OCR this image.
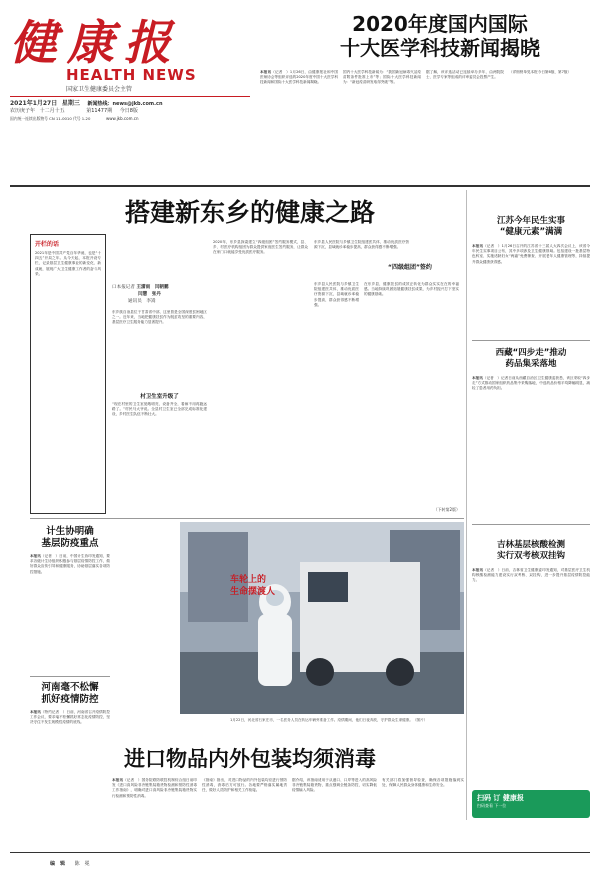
健康报
HEALTH NEWS
国家卫生健康委员会主管
2021年1月27日 星期三 新闻热线：news@jkb.com.cn
农历庚子年 十二月十五	第11477期 今日8版
国内统一连续出版物号 CN 11-0010 代号 1-20	www.jkb.com.cn
2020年度国内国际
十大医学科技新闻揭晓
本报讯（记者　）1月26日，由健康报社和中国医师协会等组织评选的2020年度中国十大医学科技新闻和国际十大医学科技新闻揭晓。
国内十大医学科技新闻为：“我国新冠病毒灭活疫苗附条件批准上市”等；国际十大医学科技新闻为：“新冠疫苗研发取得突破”等。
据了解，该评选活动已连续举办多年，由两院院士、医学专家等组成的评审委员会投票产生。
（详细榜单见本报今日第6版、第7版）
搭建新东乡的健康之路
开栏的话
2021年是中国共产党百年华诞，也是“十四五”开局之年。从今天起，本报开设专栏，记录基层卫生健康事业的新变化、新成就，展现广大卫生健康工作者的奋斗风采。
口本报记者 王潇雨　闫朝鹏
闫慧　张丹
通讯员　李嵩
东乡族自治县位于甘肃省中部，这里曾是全国深度贫困地区之一。近年来，当地把健康扶贫作为脱贫攻坚的重要内容，基层医疗卫生服务能力显著提升。
村卫生室升级了
“现在村里的卫生室宽敞明亮，设备齐全，看病不用再跑远路了。”村民马大爷说。全县村卫生室已全部完成标准化建设，乡村医生队伍不断壮大。
2020年，东乡县探索建立“四级组团”签约服务模式，县、乡、村医疗机构组团为群众提供家庭医生签约服务，让群众在家门口就能享受优质医疗服务。
东乡县人民医院与乡镇卫生院组建医共体，推动优质医疗资源下沉，县域就诊率稳步提高，群众获得感不断增强。
“四级组团”签约
东乡县人民医院与乡镇卫生院组建医共体，推动优质医疗资源下沉，县域就诊率稳步提高，群众获得感不断增强。
在东乡县，健康扶贫的成效正转化为群众实实在在的幸福感。当地持续巩固拓展健康扶贫成果，为乡村振兴打下坚实的健康基础。
（下转第2版）
江苏今年民生实事
“健康元素”满满
本报讯（记者　）1月26日召开的江苏省十三届人大四次会议上，该省今年民生实事项目公布，其中多项涉及卫生健康领域。包括建设一批基层特色科室、实施适龄妇女“两癌”免费筛查、开展老年人健康管理等，持续提升群众健康获得感。
西藏“四步走”推动
药品集采落地
本报讯（记者　）记者日前从西藏自治区卫生健康委获悉，该区采取“四步走”方式推动国家组织药品集中采购落地，中选药品价格平均降幅明显，减轻了患者用药负担。
吉林基层核酸检测
实行双考核双挂钩
本报讯（记者　）日前，吉林省卫生健康委印发通知，对基层医疗卫生机构核酸检测能力建设实行双考核、双挂钩，进一步提升基层疫情防控能力。
扫码 订 健康报
扫码查看 下一位
计生协明确
基层防疫重点
本报讯（记者　）日前，中国计生协印发通知，要求各级计生协组织积极参与基层疫情防控工作，做好群众宣传引导和健康服务，协助基层落实各项防控措施。
河南毫不松懈
抓好疫情防控
本报讯（特约记者　）日前，河南省召开疫情防控工作会议，要求毫不松懈抓好常态化疫情防控，坚决守住不发生规模性疫情的底线。
车轮上的
生命摆渡人
1月22日，河北省石家庄市，一名医务人员在转运车辆旁准备工作。疫情期间，他们日夜奔波，守护群众生命健康。（图片）
进口物品内外包装均须消毒
本报讯（记者　）国务院联防联控机制综合组日前印发《进口高风险非冷链集装箱货物检测和预防性消毒工作指南》，明确对进口高风险非冷链集装箱货物实行检测和预防性消毒。
《指南》指出，对进口物品的内外包装均应进行预防性消毒，消毒后方可放行。各地要严格落实属地责任，做好人员防护和相关工作衔接。
据介绍，该指南适用于从港口、口岸等进入的高风险非冷链集装箱货物，重点强调全链条防控，切实降低疫情输入风险。
有关部门将加强督导检查，确保各项措施落到实处，保障人民群众身体健康和生命安全。
编　辑 陈　冕
